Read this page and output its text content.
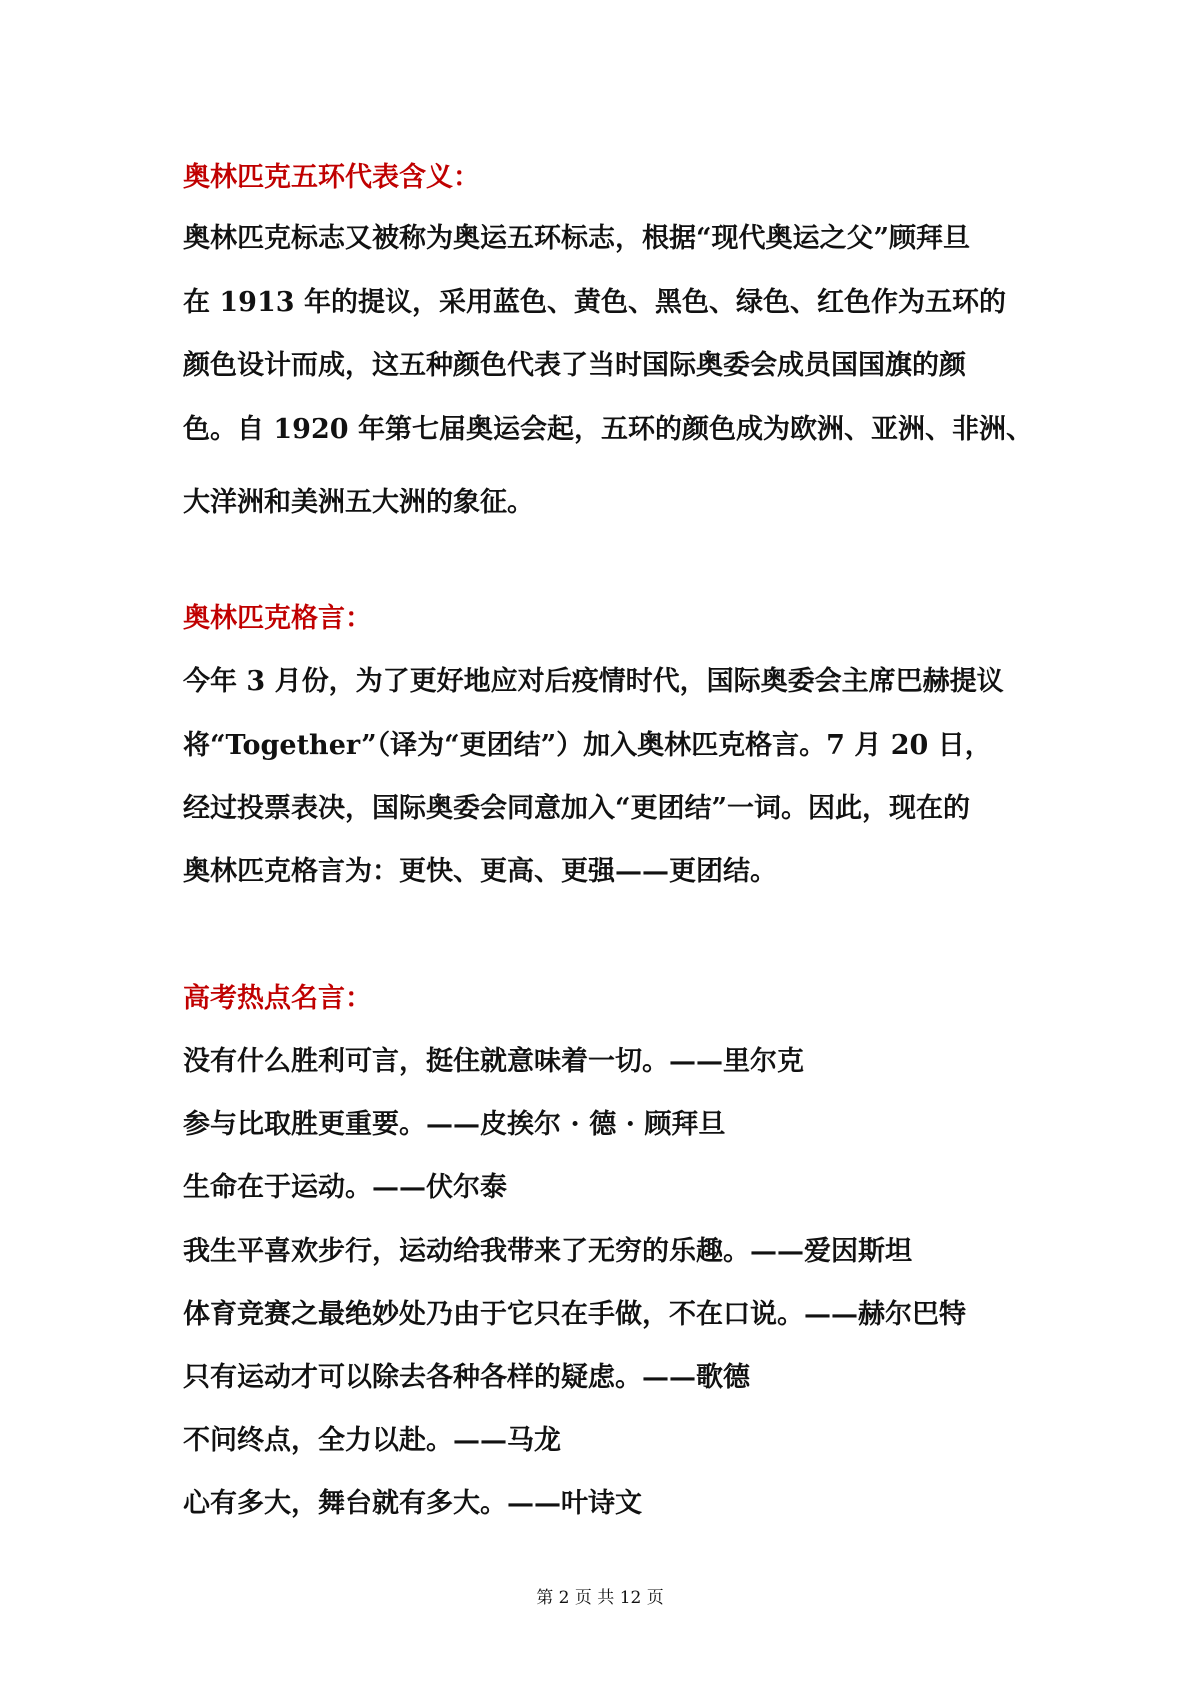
奥林匹克五环代表含义：
奥林匹克标志又被称为奥运五环标志，根据“现代奥运之父”顾拜旦
在 1913 年的提议，采用蓝色、黄色、黑色、绿色、红色作为五环的
颜色设计而成，这五种颜色代表了当时国际奥委会成员国国旗的颜
色。自 1920 年第七届奥运会起，五环的颜色成为欧洲、亚洲、非洲、
大洋洲和美洲五大洲的象征。
奥林匹克格言：
今年 3 月份，为了更好地应对后疫情时代，国际奥委会主席巴赫提议
将“Together”（译为“更团结”）加入奥林匹克格言。7 月 20 日，
经过投票表决，国际奥委会同意加入“更团结”一词。因此，现在的
奥林匹克格言为：更快、更高、更强——更团结。
高考热点名言：
没有什么胜利可言，挺住就意味着一切。——里尔克
参与比取胜更重要。——皮挨尔 · 德 · 顾拜旦
生命在于运动。——伏尔泰
我生平喜欢步行，运动给我带来了无穷的乐趣。——爱因斯坦
体育竞赛之最绝妙处乃由于它只在手做，不在口说。——赫尔巴特
只有运动才可以除去各种各样的疑虑。——歌德
不问终点，全力以赴。——马龙
心有多大，舞台就有多大。——叶诗文
第 2 页 共 12 页
